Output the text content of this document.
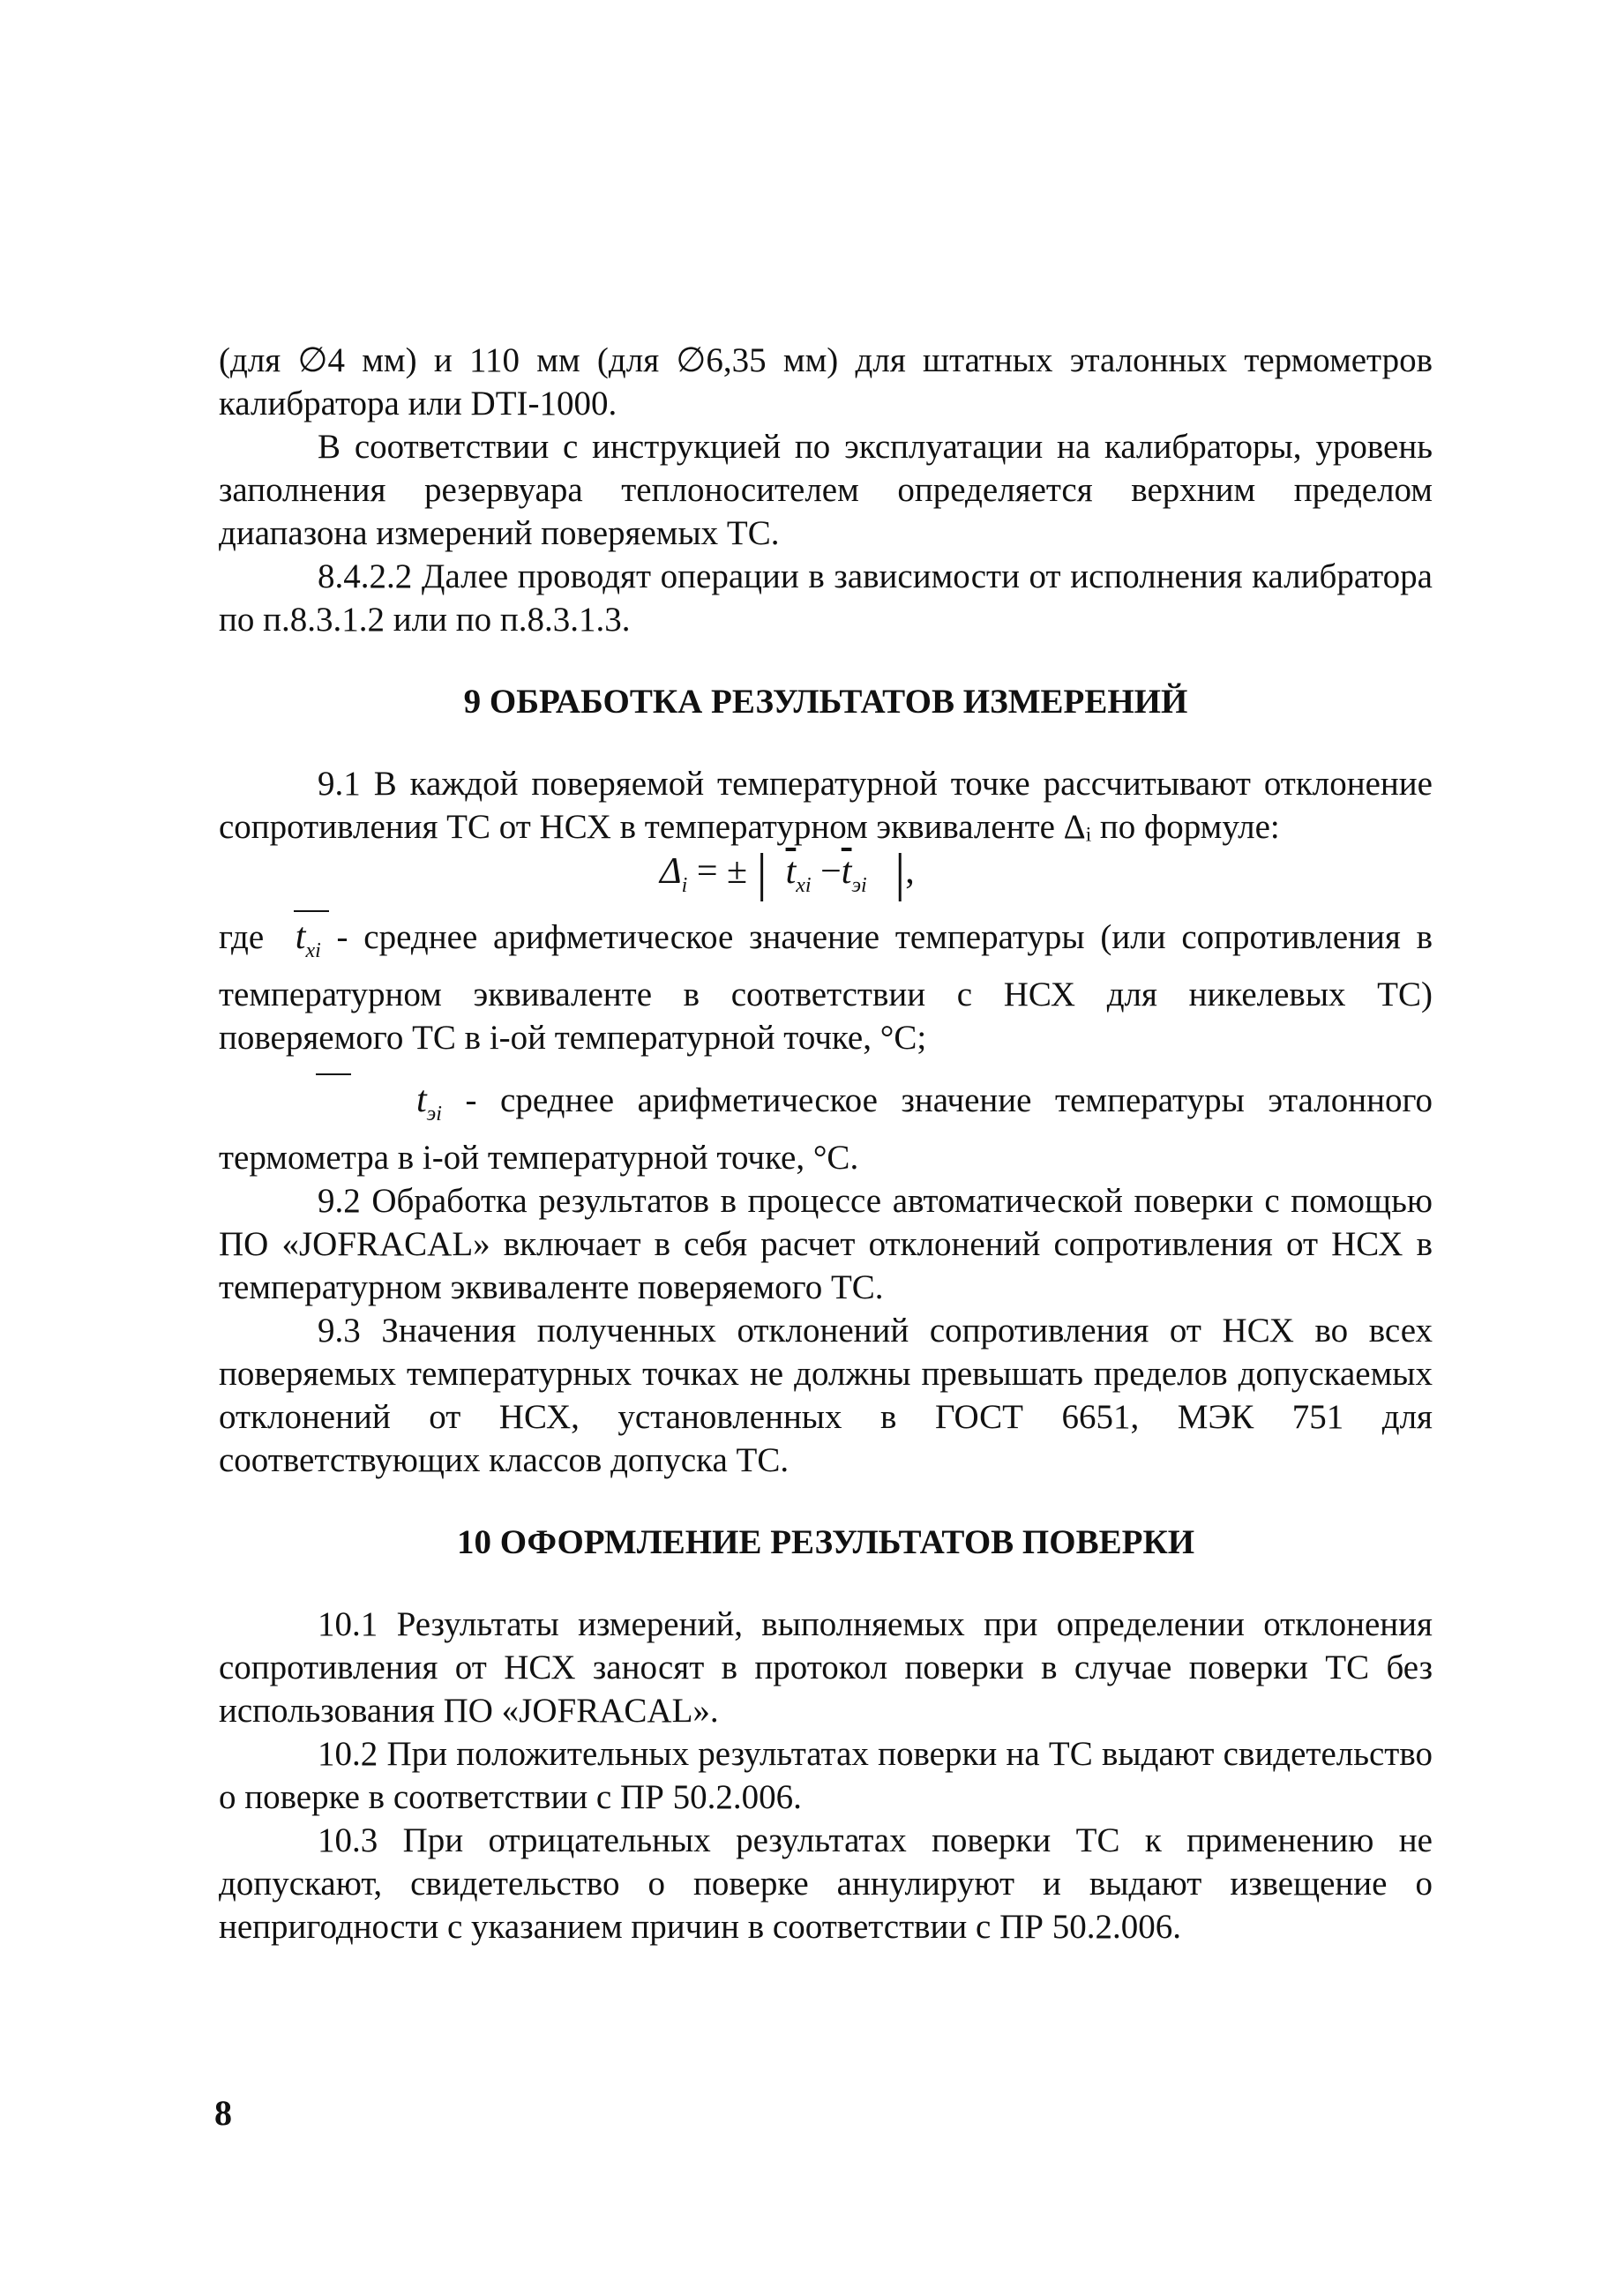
(для ∅4 мм) и 110 мм (для ∅6,35 мм) для штатных эталонных термометров калибратора или DTI-1000.

В соответствии с инструкцией по эксплуатации на калибраторы, уровень заполнения резервуара теплоносителем определяется верхним пределом диапазона измерений поверяемых ТС.

8.4.2.2 Далее проводят операции в зависимости от исполнения калибратора по п.8.3.1.2 или по п.8.3.1.3.

9 ОБРАБОТКА РЕЗУЛЬТАТОВ ИЗМЕРЕНИЙ

9.1 В каждой поверяемой температурной точке рассчитывают отклонение сопротивления ТС от НСХ в температурном эквиваленте Δᵢ по формуле:

$\Delta_i$ = ± | $\overline{t}_{xi} -\overline{t}_{эi}$ |,

где $t_{xi}$ - среднее арифметическое значение температуры (или сопротивления в температурном эквиваленте в соответствии с НСХ для никелевых ТС) поверяемого ТС в i-ой температурной точке, °С;

$t_{эi}$ - среднее арифметическое значение температуры эталонного термометра в i-ой температурной точке, °С.

9.2 Обработка результатов в процессе автоматической поверки с помощью ПО «JOFRACAL» включает в себя расчет отклонений сопротивления от НСХ в температурном эквиваленте поверяемого ТС.

9.3 Значения полученных отклонений сопротивления от НСХ во всех поверяемых температурных точках не должны превышать пределов допускаемых отклонений от НСХ, установленных в ГОСТ 6651, МЭК 751 для соответствующих классов допуска ТС.

10 ОФОРМЛЕНИЕ РЕЗУЛЬТАТОВ ПОВЕРКИ

10.1 Результаты измерений, выполняемых при определении отклонения сопротивления от НСХ заносят в протокол поверки в случае поверки ТС без использования ПО «JOFRACAL».

10.2 При положительных результатах поверки на ТС выдают свидетельство о поверке в соответствии с ПР 50.2.006.

10.3 При отрицательных результатах поверки ТС к применению не допускают, свидетельство о поверке аннулируют и выдают извещение о непригодности с указанием причин в соответствии с ПР 50.2.006.

8
